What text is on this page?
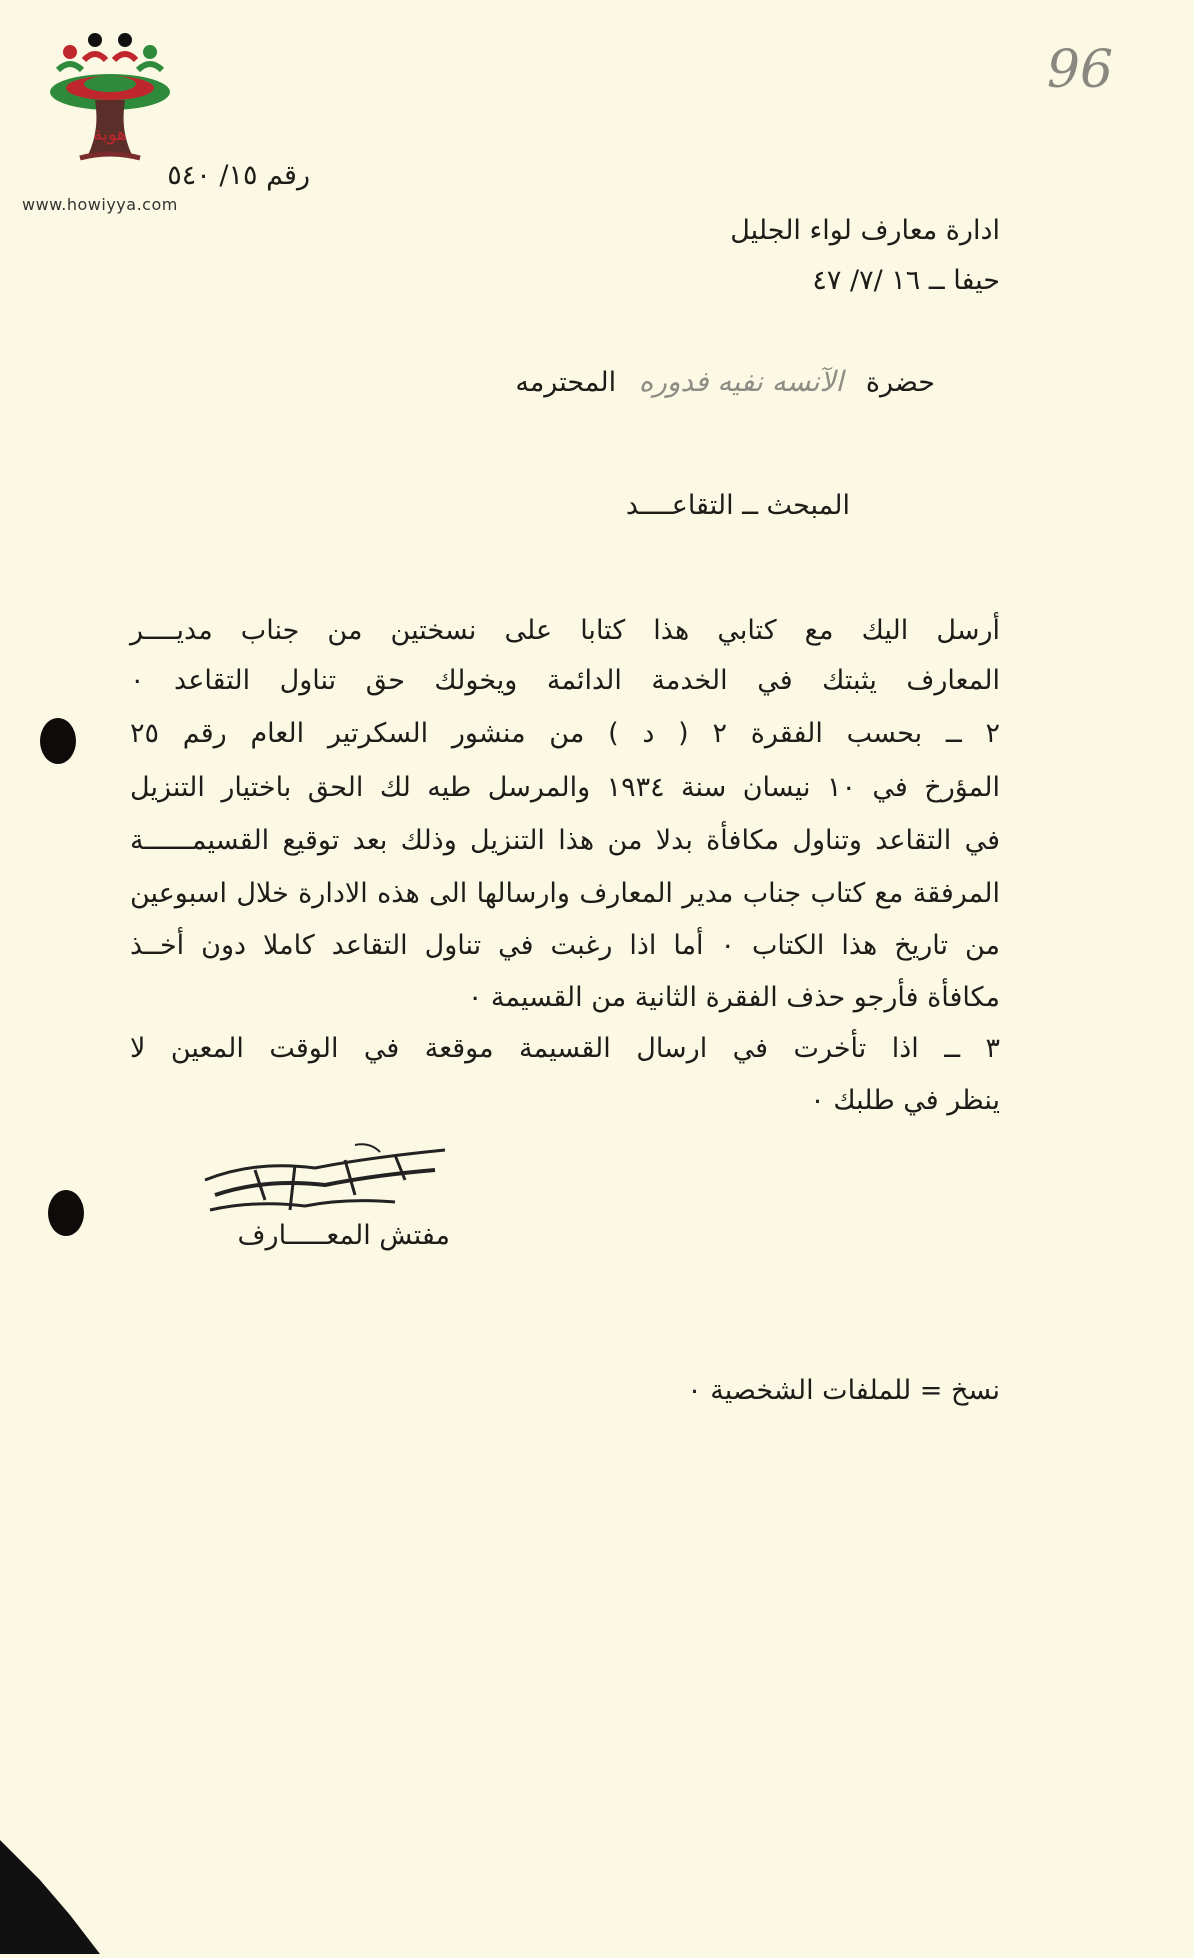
هوية
www.howiyya.com
رقم ١٥/ ٥٤٠
96
ادارة معارف لواء الجليل
حيفا ــ ١٦ /٧/ ٤٧
حضرة الآنسه نفيه فدوره المحترمه
المبحث ــ التقاعــــد
أرسل اليك مع كتابي هذا كتابا على نسختين من جناب مديــــر
المعارف يثبتك في الخدمة الدائمة ويخولك حق تناول التقاعد ٠
٢ ــ بحسب الفقرة ٢ ( د ) من منشور السكرتير العام رقم ٢٥
المؤرخ في ١٠ نيسان سنة ١٩٣٤ والمرسل طيه لك الحق باختيار التنزيل
في التقاعد وتناول مكافأة بدلا من هذا التنزيل وذلك بعد توقيع القسيمــــــة
المرفقة مع كتاب جناب مدير المعارف وارسالها الى هذه الادارة خلال اسبوعين
من تاريخ هذا الكتاب ٠ أما اذا رغبت في تناول التقاعد كاملا دون أخــذ
مكافأة فأرجو حذف الفقرة الثانية من القسيمة ٠
٣ ــ اذا تأخرت في ارسال القسيمة موقعة في الوقت المعين لا
ينظر في طلبك ٠
مفتش المعـــــارف
نسخ = للملفات الشخصية ٠
